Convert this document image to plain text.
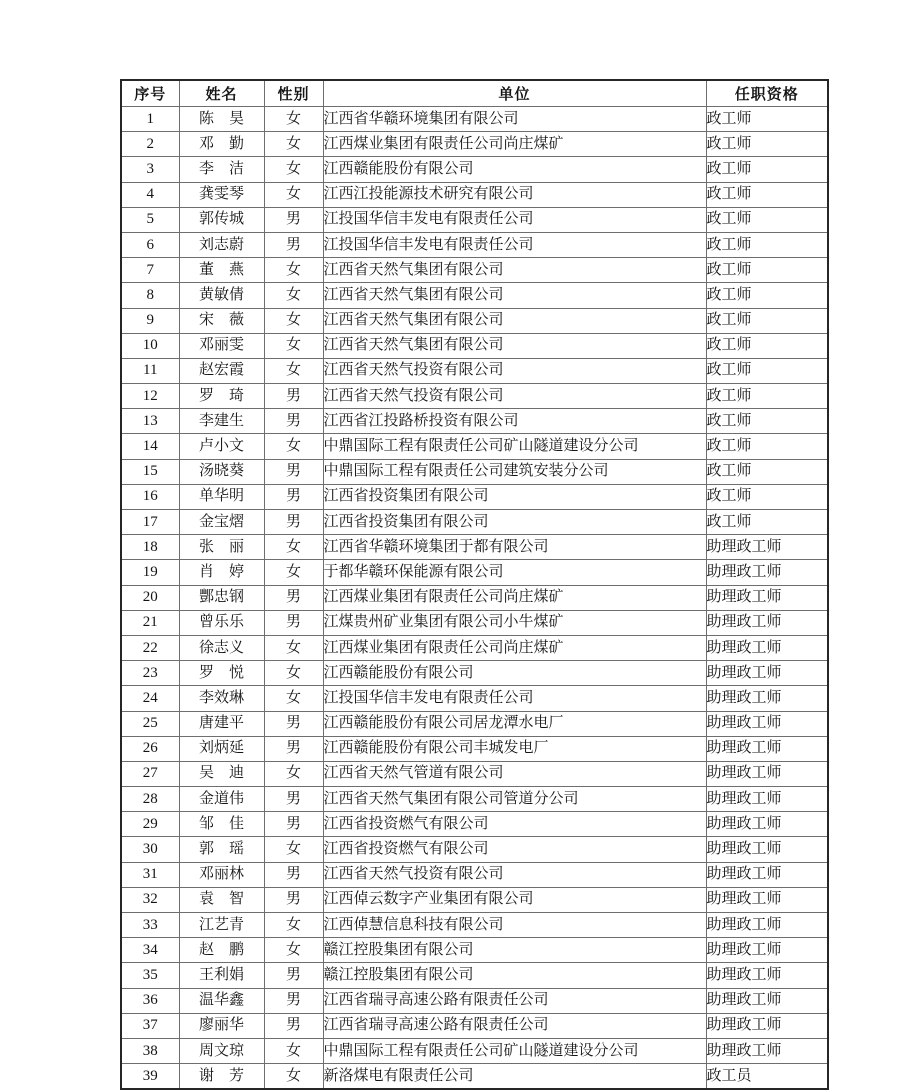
序号	姓名	性别	单位	任职资格
1	陈　昊	女	江西省华赣环境集团有限公司	政工师
2	邓　勤	女	江西煤业集团有限责任公司尚庄煤矿	政工师
3	李　洁	女	江西赣能股份有限公司	政工师
4	龚雯琴	女	江西江投能源技术研究有限公司	政工师
5	郭传城	男	江投国华信丰发电有限责任公司	政工师
6	刘志蔚	男	江投国华信丰发电有限责任公司	政工师
7	董　燕	女	江西省天然气集团有限公司	政工师
8	黄敏倩	女	江西省天然气集团有限公司	政工师
9	宋　薇	女	江西省天然气集团有限公司	政工师
10	邓丽雯	女	江西省天然气集团有限公司	政工师
11	赵宏霞	女	江西省天然气投资有限公司	政工师
12	罗　琦	男	江西省天然气投资有限公司	政工师
13	李建生	男	江西省江投路桥投资有限公司	政工师
14	卢小文	女	中鼎国际工程有限责任公司矿山隧道建设分公司	政工师
15	汤晓葵	男	中鼎国际工程有限责任公司建筑安装分公司	政工师
16	单华明	男	江西省投资集团有限公司	政工师
17	金宝熠	男	江西省投资集团有限公司	政工师
18	张　丽	女	江西省华赣环境集团于都有限公司	助理政工师
19	肖　婷	女	于都华赣环保能源有限公司	助理政工师
20	酆忠钢	男	江西煤业集团有限责任公司尚庄煤矿	助理政工师
21	曾乐乐	男	江煤贵州矿业集团有限公司小牛煤矿	助理政工师
22	徐志义	女	江西煤业集团有限责任公司尚庄煤矿	助理政工师
23	罗　悦	女	江西赣能股份有限公司	助理政工师
24	李效琳	女	江投国华信丰发电有限责任公司	助理政工师
25	唐建平	男	江西赣能股份有限公司居龙潭水电厂	助理政工师
26	刘炳延	男	江西赣能股份有限公司丰城发电厂	助理政工师
27	吴　迪	女	江西省天然气管道有限公司	助理政工师
28	金道伟	男	江西省天然气集团有限公司管道分公司	助理政工师
29	邹　佳	男	江西省投资燃气有限公司	助理政工师
30	郭　瑶	女	江西省投资燃气有限公司	助理政工师
31	邓丽林	男	江西省天然气投资有限公司	助理政工师
32	袁　智	男	江西倬云数字产业集团有限公司	助理政工师
33	江艺青	女	江西倬慧信息科技有限公司	助理政工师
34	赵　鹏	女	赣江控股集团有限公司	助理政工师
35	王利娟	男	赣江控股集团有限公司	助理政工师
36	温华鑫	男	江西省瑞寻高速公路有限责任公司	助理政工师
37	廖丽华	男	江西省瑞寻高速公路有限责任公司	助理政工师
38	周文琼	女	中鼎国际工程有限责任公司矿山隧道建设分公司	助理政工师
39	谢　芳	女	新洛煤电有限责任公司	政工员
